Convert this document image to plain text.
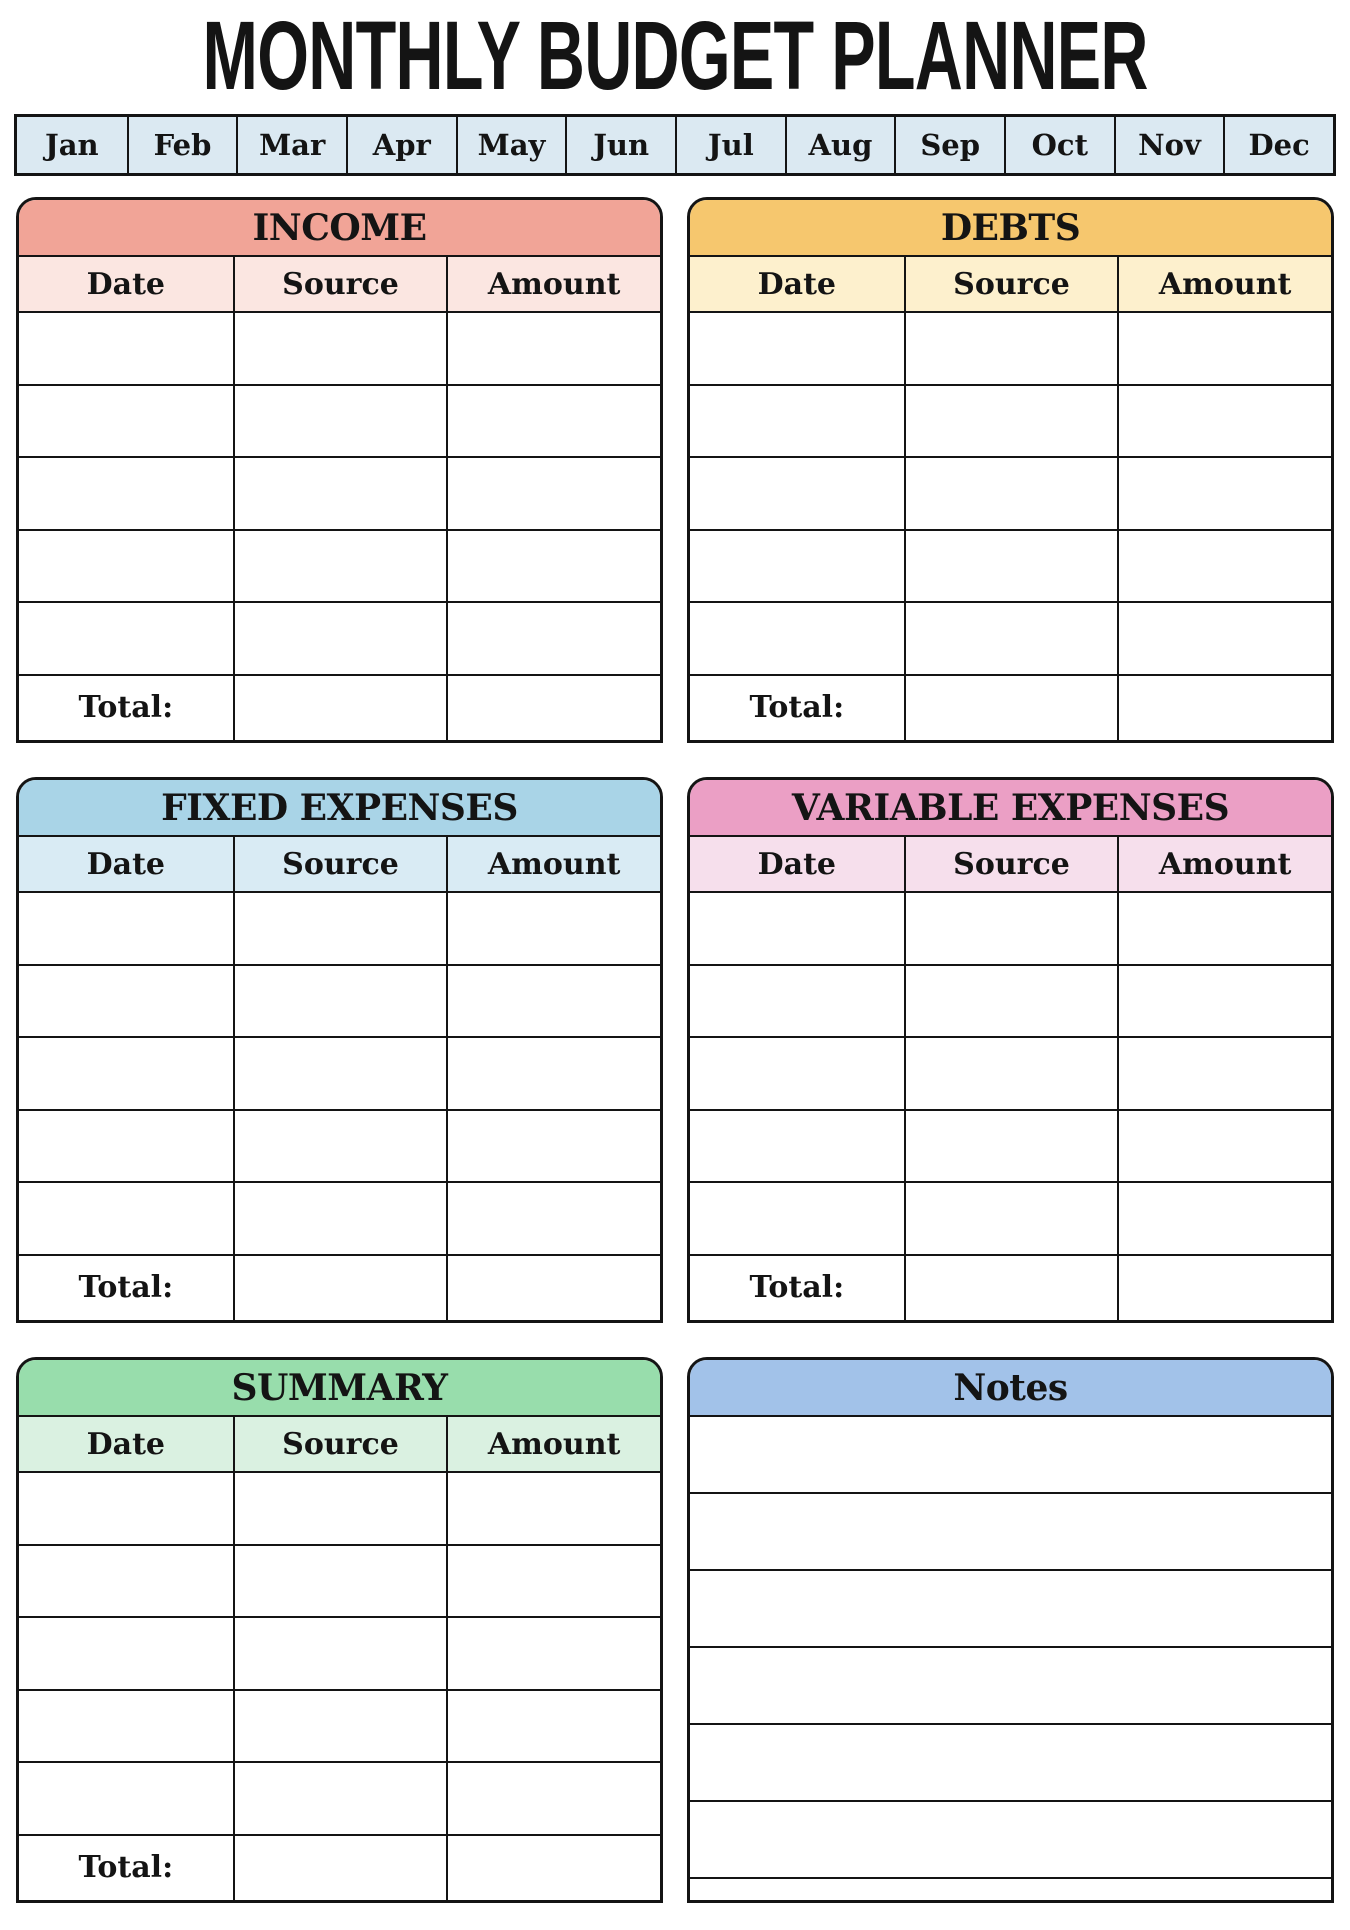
MONTHLY BUDGET PLANNER
Jan	Feb	Mar	Apr	May	Jun	Jul	Aug	Sep	Oct	Nov	Dec
INCOME
Date	Source	Amount
Total:
DEBTS
Date	Source	Amount
Total:
FIXED EXPENSES
Date	Source	Amount
Total:
VARIABLE EXPENSES
Date	Source	Amount
Total:
SUMMARY
Date	Source	Amount
Total:
Notes
